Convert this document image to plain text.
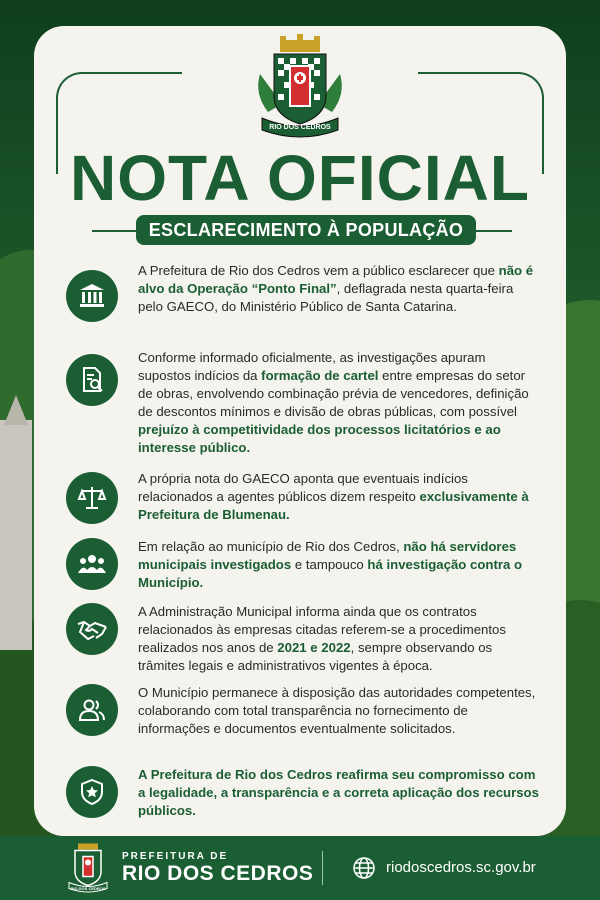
RIO DOS CEDROS
NOTA OFICIAL
ESCLARECIMENTO À POPULAÇÃO
A Prefeitura de Rio dos Cedros vem a público esclarecer que não é alvo da Operação “Ponto Final”, deflagrada nesta quarta-feira pelo GAECO, do Ministério Público de Santa Catarina.
Conforme informado oficialmente, as investigações apuram supostos indícios da formação de cartel entre empresas do setor de obras, envolvendo combinação prévia de vencedores, definição de descontos mínimos e divisão de obras públicas, com possível prejuízo à competitividade dos processos licitatórios e ao interesse público.
A própria nota do GAECO aponta que eventuais indícios relacionados a agentes públicos dizem respeito exclusivamente à Prefeitura de Blumenau.
Em relação ao município de Rio dos Cedros, não há servidores municipais investigados e tampouco há investigação contra o Município.
A Administração Municipal informa ainda que os contratos relacionados às empresas citadas referem-se a procedimentos realizados nos anos de 2021 e 2022, sempre observando os trâmites legais e administrativos vigentes à época.
O Município permanece à disposição das autoridades competentes, colaborando com total transparência no fornecimento de informações e documentos eventualmente solicitados.
A Prefeitura de Rio dos Cedros reafirma seu compromisso com a legalidade, a transparência e a correta aplicação dos recursos públicos.
RIO DOS CEDROS
PREFEITURA DE
RIO DOS CEDROS	riodoscedros.sc.gov.br
